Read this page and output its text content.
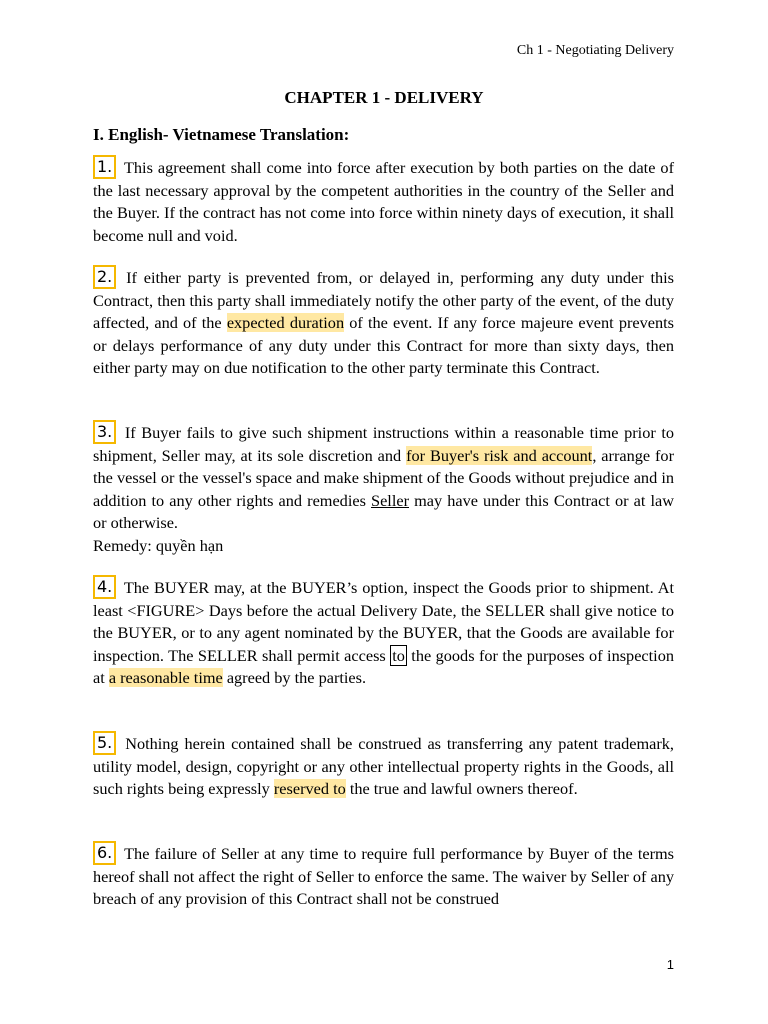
Ch 1 - Negotiating Delivery
CHAPTER 1 - DELIVERY
I. English- Vietnamese Translation:

1. This agreement shall come into force after execution by both parties on the date of the last necessary approval by the competent authorities in the country of the Seller and the Buyer. If the contract has not come into force within ninety days of execution, it shall become null and void.

2. If either party is prevented from, or delayed in, performing any duty under this Contract, then this party shall immediately notify the other party of the event, of the duty affected, and of the expected duration of the event. If any force majeure event prevents or delays performance of any duty under this Contract for more than sixty days, then either party may on due notification to the other party terminate this Contract.

3. If Buyer fails to give such shipment instructions within a reasonable time prior to shipment, Seller may, at its sole discretion and for Buyer's risk and account, arrange for the vessel or the vessel's space and make shipment of the Goods without prejudice and in addition to any other rights and remedies Seller may have under this Contract or at law or otherwise.
Remedy: quyền hạn

4. The BUYER may, at the BUYER’s option, inspect the Goods prior to shipment. At least <FIGURE> Days before the actual Delivery Date, the SELLER shall give notice to the BUYER, or to any agent nominated by the BUYER, that the Goods are available for inspection. The SELLER shall permit access to the goods for the purposes of inspection at a reasonable time agreed by the parties.

5. Nothing herein contained shall be construed as transferring any patent trademark, utility model, design, copyright or any other intellectual property rights in the Goods, all such rights being expressly reserved to the true and lawful owners thereof.

6. The failure of Seller at any time to require full performance by Buyer of the terms hereof shall not affect the right of Seller to enforce the same. The waiver by Seller of any breach of any provision of this Contract shall not be construed

1
